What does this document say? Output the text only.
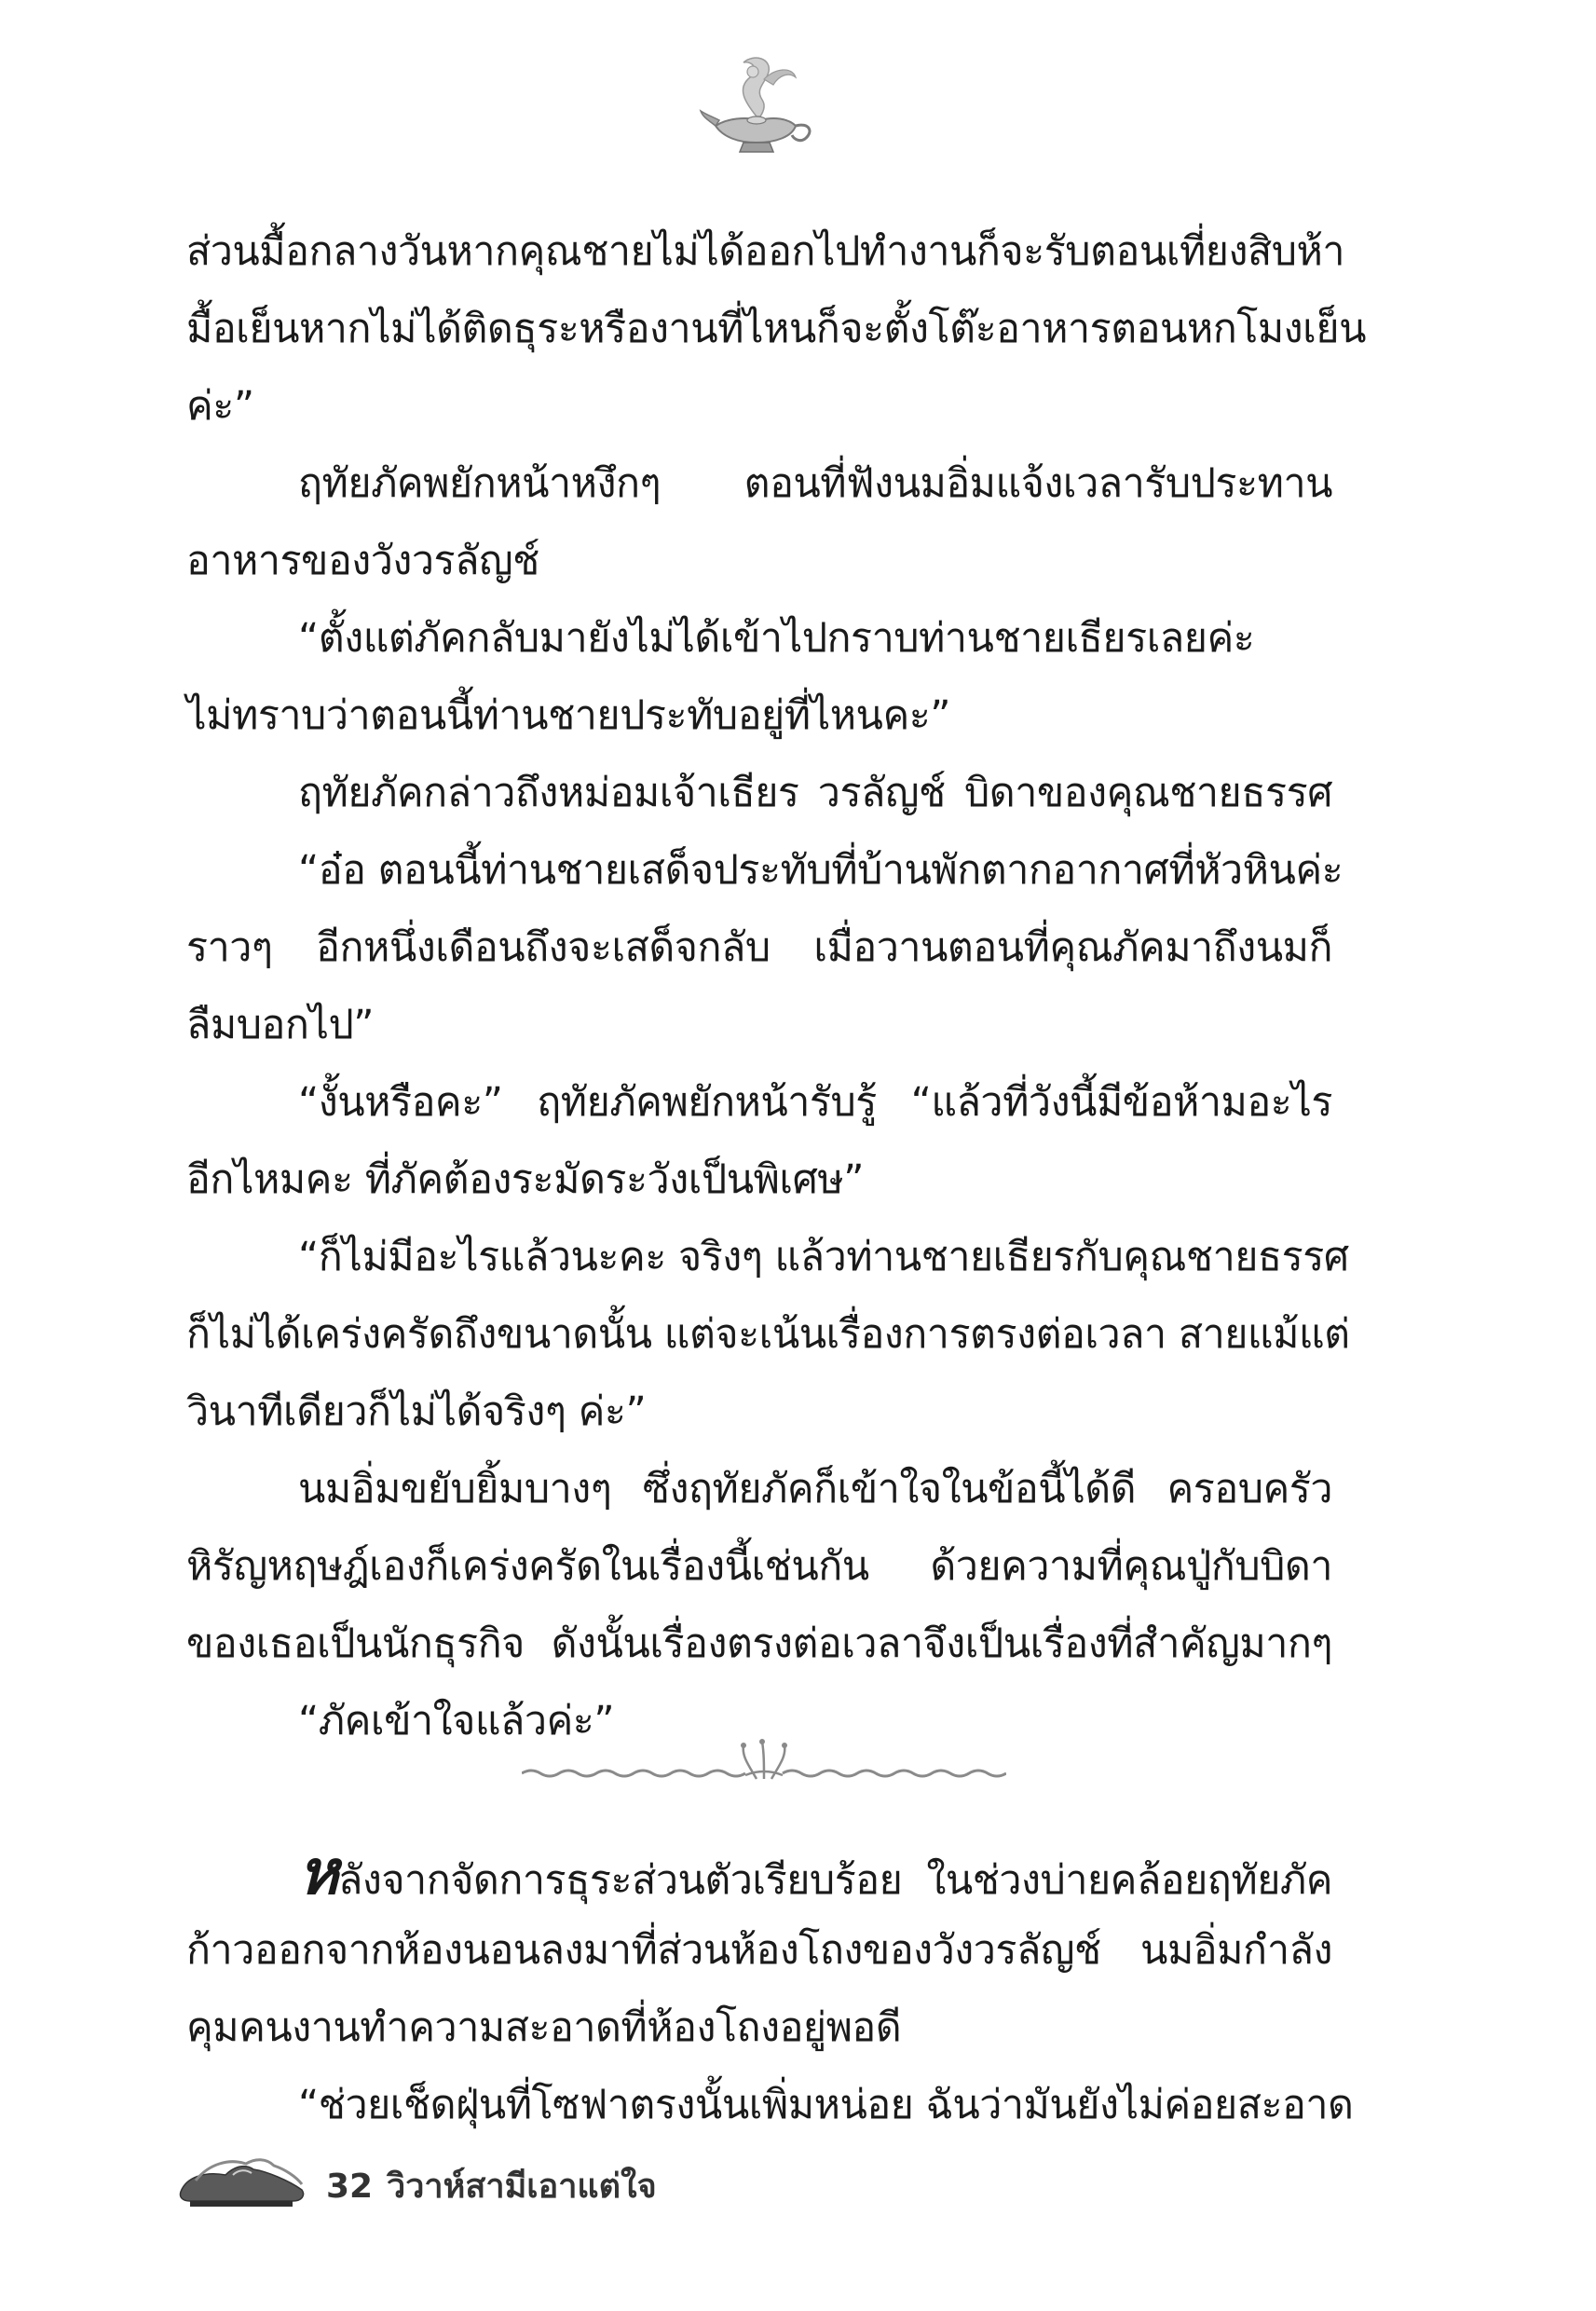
ส่วนมื้อกลางวันหากคุณชายไม่ได้ออกไปทำงานก็จะรับตอนเที่ยงสิบห้า
มื้อเย็นหากไม่ได้ติดธุระหรืองานที่ไหนก็จะตั้งโต๊ะอาหารตอนหกโมงเย็น
ค่ะ”
ฤทัยภัคพยักหน้าหงึกๆ ตอนที่ฟังนมอิ่มแจ้งเวลารับประทาน
อาหารของวังวรลัญช์
“ตั้งแต่ภัคกลับมายังไม่ได้เข้าไปกราบท่านชายเธียรเลยค่ะ
ไม่ทราบว่าตอนนี้ท่านชายประทับอยู่ที่ไหนคะ”
ฤทัยภัคกล่าวถึงหม่อมเจ้าเธียร วรลัญช์ บิดาของคุณชายธรรศ
“อ๋อ ตอนนี้ท่านชายเสด็จประทับที่บ้านพักตากอากาศที่หัวหินค่ะ
ราวๆ อีกหนึ่งเดือนถึงจะเสด็จกลับ เมื่อวานตอนที่คุณภัคมาถึงนมก็
ลืมบอกไป”
“งั้นหรือคะ” ฤทัยภัคพยักหน้ารับรู้ “แล้วที่วังนี้มีข้อห้ามอะไร
อีกไหมคะ ที่ภัคต้องระมัดระวังเป็นพิเศษ”
“ก็ไม่มีอะไรแล้วนะคะ จริงๆ แล้วท่านชายเธียรกับคุณชายธรรศ
ก็ไม่ได้เคร่งครัดถึงขนาดนั้น แต่จะเน้นเรื่องการตรงต่อเวลา สายแม้แต่
วินาทีเดียวก็ไม่ได้จริงๆ ค่ะ”
นมอิ่มขยับยิ้มบางๆ ซึ่งฤทัยภัคก็เข้าใจในข้อนี้ได้ดี ครอบครัว
หิรัญหฤษฎ์เองก็เคร่งครัดในเรื่องนี้เช่นกัน ด้วยความที่คุณปู่กับบิดา
ของเธอเป็นนักธุรกิจ ดังนั้นเรื่องตรงต่อเวลาจึงเป็นเรื่องที่สำคัญมากๆ
“ภัคเข้าใจแล้วค่ะ”
หลังจากจัดการธุระส่วนตัวเรียบร้อย ในช่วงบ่ายคล้อยฤทัยภัค
ก้าวออกจากห้องนอนลงมาที่ส่วนห้องโถงของวังวรลัญช์ นมอิ่มกำลัง
คุมคนงานทำความสะอาดที่ห้องโถงอยู่พอดี
“ช่วยเช็ดฝุ่นที่โซฟาตรงนั้นเพิ่มหน่อย ฉันว่ามันยังไม่ค่อยสะอาด
32 วิวาห์สามีเอาแต่ใจ
